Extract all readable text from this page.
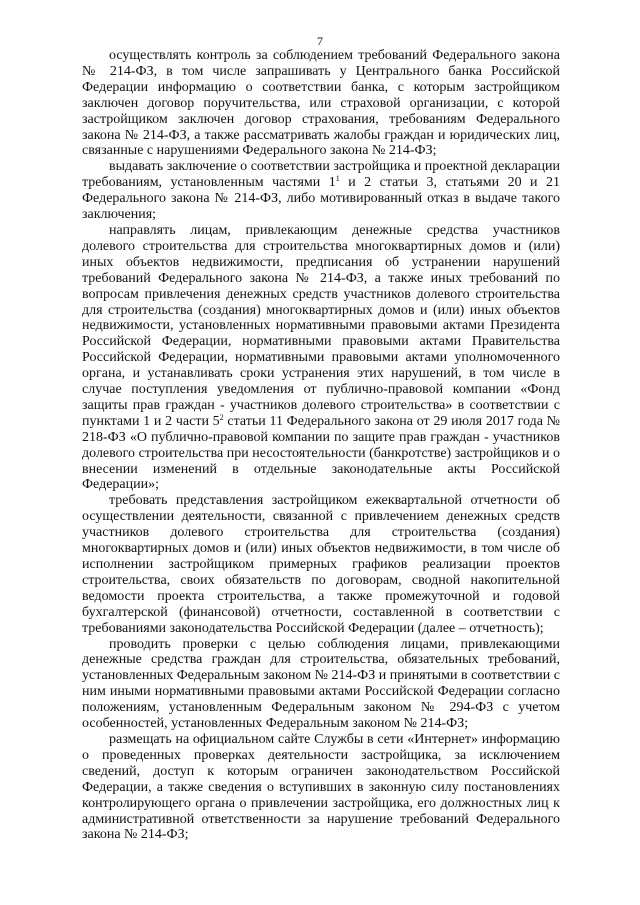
7

осуществлять контроль за соблюдением требований Федерального закона № 214-ФЗ, в том числе запрашивать у Центрального банка Российской Федерации информацию о соответствии банка, с которым застройщиком заключен договор поручительства, или страховой организации, с которой застройщиком заключен договор страхования, требованиям Федерального закона № 214-ФЗ, а также рассматривать жалобы граждан и юридических лиц, связанные с нарушениями Федерального закона № 214-ФЗ;

выдавать заключение о соответствии застройщика и проектной декларации требованиям, установленным частями $1^1$ и 2 статьи 3, статьями 20 и 21 Федерального закона № 214-ФЗ, либо мотивированный отказ в выдаче такого заключения;

направлять лицам, привлекающим денежные средства участников долевого строительства для строительства многоквартирных домов и (или) иных объектов недвижимости, предписания об устранении нарушений требований Федерального закона № 214-ФЗ, а также иных требований по вопросам привлечения денежных средств участников долевого строительства для строительства (создания) многоквартирных домов и (или) иных объектов недвижимости, установленных нормативными правовыми актами Президента Российской Федерации, нормативными правовыми актами Правительства Российской Федерации, нормативными правовыми актами уполномоченного органа, и устанавливать сроки устранения этих нарушений, в том числе в случае поступления уведомления от публично-правовой компании «Фонд защиты прав граждан - участников долевого строительства» в соответствии с пунктами 1 и 2 части $5^2$ статьи 11 Федерального закона от 29 июля 2017 года № 218-ФЗ «О публично-правовой компании по защите прав граждан - участников долевого строительства при несостоятельности (банкротстве) застройщиков и о внесении изменений в отдельные законодательные акты Российской Федерации»;

требовать представления застройщиком ежеквартальной отчетности об осуществлении деятельности, связанной с привлечением денежных средств участников долевого строительства для строительства (создания) многоквартирных домов и (или) иных объектов недвижимости, в том числе об исполнении застройщиком примерных графиков реализации проектов строительства, своих обязательств по договорам, сводной накопительной ведомости проекта строительства, а также промежуточной и годовой бухгалтерской (финансовой) отчетности, составленной в соответствии с требованиями законодательства Российской Федерации (далее – отчетность);

проводить проверки с целью соблюдения лицами, привлекающими денежные средства граждан для строительства, обязательных требований, установленных Федеральным законом № 214-ФЗ и принятыми в соответствии с ним иными нормативными правовыми актами Российской Федерации согласно положениям, установленным Федеральным законом № 294-ФЗ с учетом особенностей, установленных Федеральным законом № 214-ФЗ;

размещать на официальном сайте Службы в сети «Интернет» информацию о проведенных проверках деятельности застройщика, за исключением сведений, доступ к которым ограничен законодательством Российской Федерации, а также сведения о вступивших в законную силу постановлениях контролирующего органа о привлечении застройщика, его должностных лиц к административной ответственности за нарушение требований Федерального закона № 214-ФЗ;
